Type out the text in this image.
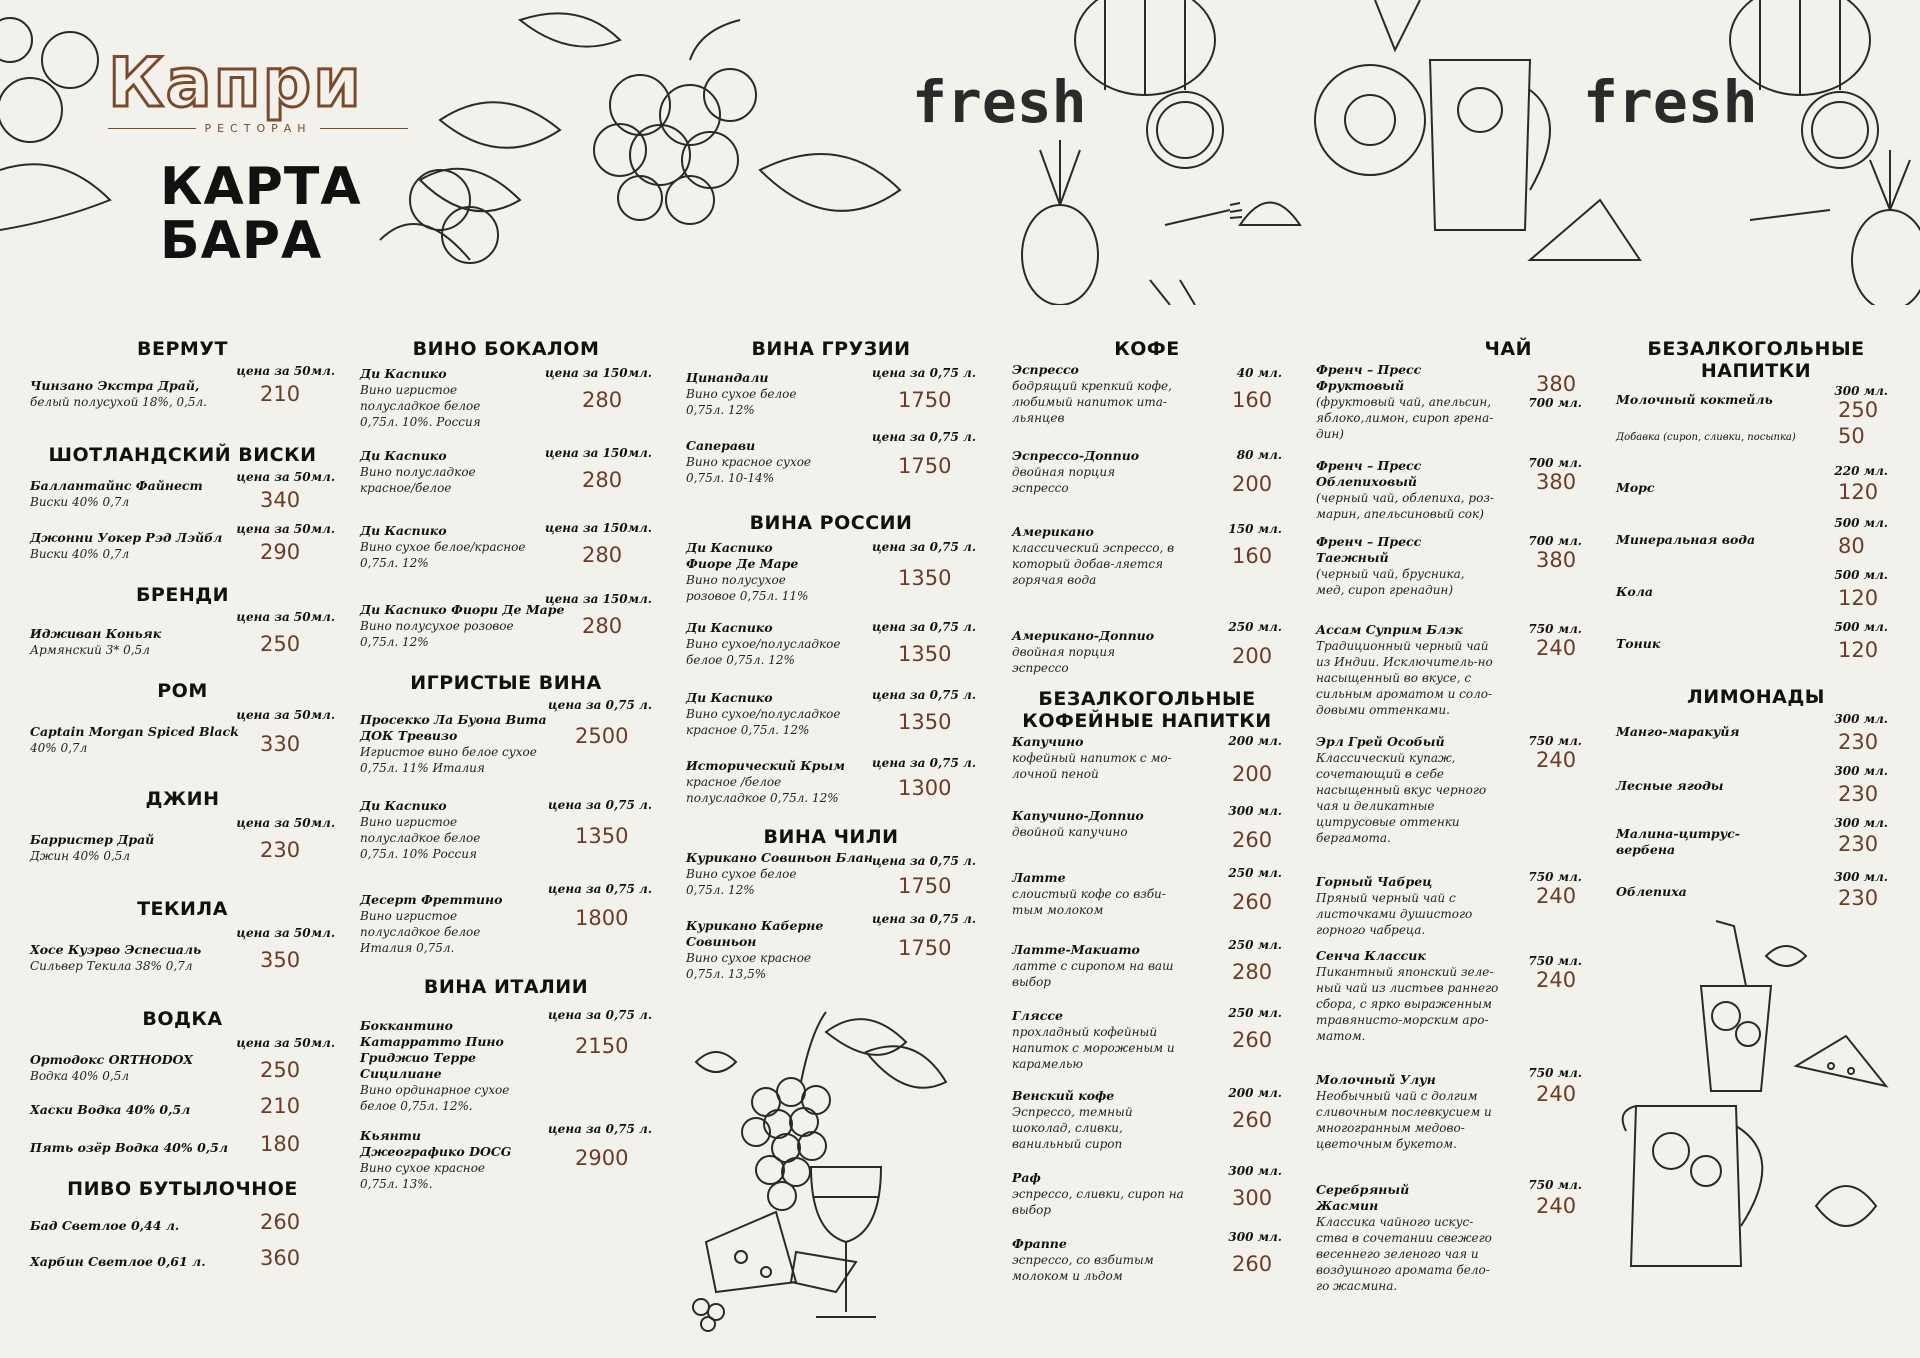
fresh	fresh
Капри
РЕСТОРАН
КАРТА
БАРА
ВЕРМУТ
цена за 50мл.
Чинзано Экстра Драй,
белый полусухой 18%, 0,5л.	210
ШОТЛАНДСКИЙ ВИСКИ
цена за 50мл.
Баллантайнс Файнест
Виски 40% 0,7л	340
цена за 50мл.
Джонни Уокер Рэд Лэйбл
Виски 40% 0,7л	290
БРЕНДИ
цена за 50мл.
Идживан Коньяк
Армянский 3* 0,5л	250
РОМ
цена за 50мл.
Captain Morgan Spiced Black
40% 0,7л	330
ДЖИН
цена за 50мл.
Барристер Драй
Джин 40% 0,5л	230
ТЕКИЛА
цена за 50мл.
Хосе Куэрво Эспесиаль
Сильвер Текила 38% 0,7л	350
ВОДКА
цена за 50мл.
Ортодокс ORTHODOX
Водка 40% 0,5л	250
Хаски Водка 40% 0,5л	210
Пять озёр Водка 40% 0,5л	180
ПИВО БУТЫЛОЧНОЕ
Бад Светлое 0,44 л.	260
Харбин Светлое 0,61 л.	360
ВИНО БОКАЛОМ
цена за 150мл.
Ди Каспико
Вино игристое полусладкое белое 0,75л. 10%. Россия
280
цена за 150мл.
Ди Каспико
Вино полусладкое красное/белое	280
цена за 150мл.
Ди Каспико
Вино сухое белое/красное 0,75л. 12%	280
цена за 150мл.
Ди Каспико Фиори Де Маре
Вино полусухое розовое 0,75л. 12%
280
ИГРИСТЫЕ ВИНА
цена за 0,75 л.
Просекко Ла Буона Вита ДОК Тревизо
Игристое вино белое сухое 0,75л. 11% Италия
2500
цена за 0,75 л.
Ди Каспико
Вино игристое полусладкое белое 0,75л. 10% Россия
1350
цена за 0,75 л.
Десерт Фреттино
Вино игристое полусладкое белое Италия 0,75л.
1800
ВИНА ИТАЛИИ
цена за 0,75 л.
Боккантино Катарратто Пино Гриджио Терре Сицилиане
Вино ординарное сухое белое 0,75л. 12%.
2150
цена за 0,75 л.
Кьянти Джеографико DOCG
Вино сухое красное 0,75л. 13%.
2900
ВИНА ГРУЗИИ
цена за 0,75 л.
Цинандали
Вино сухое белое 0,75л. 12%	1750
цена за 0,75 л.
Саперави
Вино красное сухое 0,75л. 10-14%	1750
ВИНА РОССИИ
цена за 0,75 л.
Ди Каспико Фиоре Де Маре
Вино полусухое розовое 0,75л. 11%
1350
цена за 0,75 л.
Ди Каспико
Вино сухое/полусладкое белое 0,75л. 12%	1350
цена за 0,75 л.
Ди Каспико
Вино сухое/полусладкое красное 0,75л. 12%	1350
цена за 0,75 л.
Исторический Крым
красное /белое полусладкое 0,75л. 12%	1300
ВИНА ЧИЛИ
цена за 0,75 л.
Курикано Совиньон Блан
Вино сухое белое 0,75л. 12%	1750
цена за 0,75 л.
Курикано Каберне Совиньон
Вино сухое красное 0,75л. 13,5%
1750
КОФЕ
40 мл.
Эспрессо
бодрящий крепкий кофе, любимый напиток ита-льянцев
160
80 мл.
Эспрессо-Доппио
двойная порция эспрессо	200
150 мл.
Американо
классический эспрессо, в который добав-ляется горячая вода
160
250 мл.
Американо-Доппио
двойная порция эспрессо	200
БЕЗАЛКОГОЛЬНЫЕ
КОФЕЙНЫЕ НАПИТКИ
200 мл.
Капучино
кофейный напиток с мо-лочной пеной	200
300 мл.
Капучино-Доппио
двойной капучино	260
250 мл.
Латте
слоистый кофе со взби-тым молоком	260
250 мл.
Латте-Макиато
латте с сиропом на ваш выбор	280
250 мл.
Гляссе
прохладный кофейный напиток с мороженым и карамелью
260
200 мл.
Венский кофе
Эспрессо, темный шоколад, сливки, ванильный сироп
260
300 мл.
Раф
эспрессо, сливки, сироп на выбор	300
300 мл.
Фраппе
эспрессо, со взбитым молоком и льдом	260
ЧАЙ
700 мл.
Френч – Пресс Фруктовый
(фруктовый чай, апельсин, яблоко,лимон, сироп грена-дин)
380
700 мл.
Френч – Пресс Облепиховый
(черный чай, облепиха, роз-марин, апельсиновый сок)
380
700 мл.
Френч – Пресс Таежный
(черный чай, брусника, мед, сироп гренадин)
380
750 мл.
Ассам Суприм Блэк
Традиционный черный чай из Индии. Исключитель-но насыщенный во вкусе, с сильным ароматом и соло-довыми оттенками.
240
750 мл.
Эрл Грей Особый
Классический купаж, сочетающий в себе насыщенный вкус черного чая и деликатные цитрусовые оттенки бергамота.
240
750 мл.
Горный Чабрец
Пряный черный чай с листочками душистого горного чабреца.
240
750 мл.
Сенча Классик
Пикантный японский зеле-ный чай из листьев раннего сбора, с ярко выраженным травянисто-морским аро-матом.
240
750 мл.
Молочный Улун
Необычный чай с долгим сливочным послевкусием и многогранным медово-цветочным букетом.
240
750 мл.
Серебряный Жасмин
Классика чайного искус-ства в сочетании свежего весеннего зеленого чая и воздушного аромата бело-го жасмина.
240
БЕЗАЛКОГОЛЬНЫЕ
НАПИТКИ
300 мл.
Молочный коктейль	250
Добавка (сироп, сливки, посыпка)	50
220 мл.
Морс	120
500 мл.
Минеральная вода	80
500 мл.
Кола	120
500 мл.
Тоник	120
ЛИМОНАДЫ
300 мл.
Манго-маракуйя	230
300 мл.
Лесные ягоды	230
300 мл.
Малина-цитрус-вербена	230
300 мл.
Облепиха	230
